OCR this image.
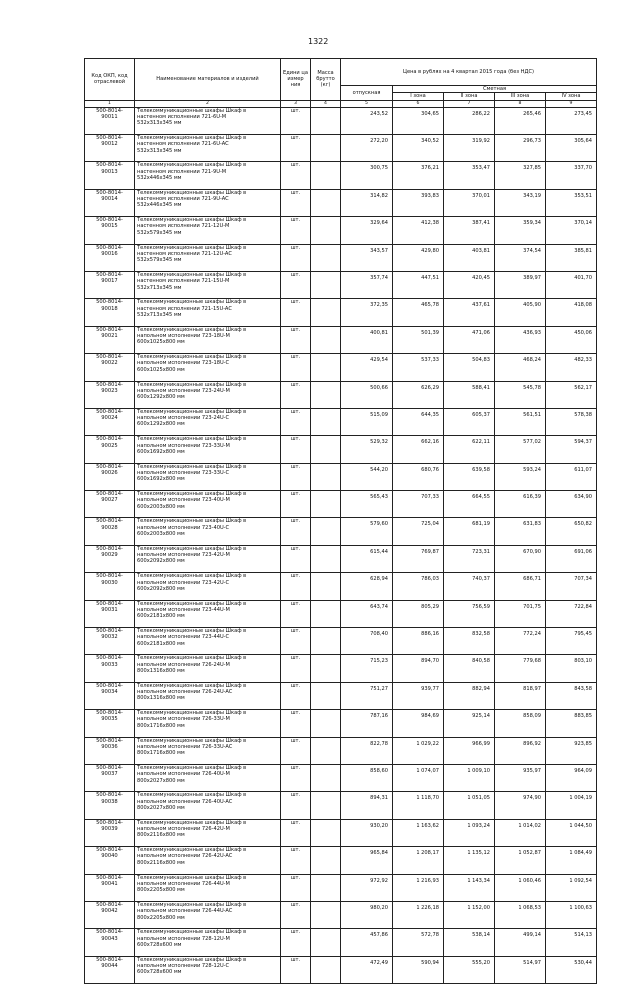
1322
Код ОКП, код отраслевой	Наименование материалов и изделий	Едини ца измер ния	Масса брутто (кг)	Цена в рублях на 4 квартал 2015 года (без НДС)				
				отпускная	Сметная			
					I зона	II зона	III зона	IV зона
1	2	3	4	5	6	7	8	9

500-8014-
90011	Телекоммуникационные шкафы Шкаф в
настенном исполнении 721-6U-M
532х313х345 мм	шт.		243,52	304,65	286,22	265,46	273,45

500-8014-
90012	Телекоммуникационные шкафы Шкаф в
настенном исполнении 721-6U-AC
532х313х345 мм	шт.		272,20	340,52	319,92	296,73	305,64

500-8014-
90013	Телекоммуникационные шкафы Шкаф в
настенном исполнении 721-9U-M
532х446х345 мм	шт.		300,75	376,21	353,47	327,85	337,70

500-8014-
90014	Телекоммуникационные шкафы Шкаф в
настенном исполнении 721-9U-AC
532х446х345 мм	шт.		314,82	393,83	370,01	343,19	353,51

500-8014-
90015	Телекоммуникационные шкафы Шкаф в
настенном исполнении 721-12U-M
532х579х345 мм	шт.		329,64	412,38	387,41	359,34	370,14

500-8014-
90016	Телекоммуникационные шкафы Шкаф в
настенном исполнении 721-12U-AC
532х579х345 мм	шт.		343,57	429,80	403,81	374,54	385,81

500-8014-
90017	Телекоммуникационные шкафы Шкаф в
настенном исполнении 721-15U-M
532х713х345 мм	шт.		357,74	447,51	420,45	389,97	401,70

500-8014-
90018	Телекоммуникационные шкафы Шкаф в
настенном исполнении 721-15U-AC
532х713х345 мм	шт.		372,35	465,78	437,61	405,90	418,08

500-8014-
90021	Телекоммуникационные шкафы Шкаф в
напольном исполнении 723-18U-M
600х1025х800 мм	шт.		400,81	501,39	471,06	436,93	450,06

500-8014-
90022	Телекоммуникационные шкафы Шкаф в
напольном исполнении 723-18U-C
600х1025х800 мм	шт.		429,54	537,33	504,83	468,24	482,33

500-8014-
90023	Телекоммуникационные шкафы Шкаф в
напольном исполнении 723-24U-M
600х1292х800 мм	шт.		500,66	626,29	588,41	545,78	562,17

500-8014-
90024	Телекоммуникационные шкафы Шкаф в
напольном исполнении 723-24U-C
600х1292х800 мм	шт.		515,09	644,35	605,37	561,51	578,38

500-8014-
90025	Телекоммуникационные шкафы Шкаф в
напольном исполнении 723-33U-M
600х1692х800 мм	шт.		529,32	662,16	622,11	577,02	594,37

500-8014-
90026	Телекоммуникационные шкафы Шкаф в
напольном исполнении 723-33U-C
600х1692х800 мм	шт.		544,20	680,76	639,58	593,24	611,07

500-8014-
90027	Телекоммуникационные шкафы Шкаф в
напольном исполнении 723-40U-M
600х2003х800 мм	шт.		565,43	707,33	664,55	616,39	634,90

500-8014-
90028	Телекоммуникационные шкафы Шкаф в
напольном исполнении 723-40U-C
600х2003х800 мм	шт.		579,60	725,04	681,19	631,83	650,82

500-8014-
90029	Телекоммуникационные шкафы Шкаф в
напольном исполнении 723-42U-M
600х2092х800 мм	шт.		615,44	769,87	723,31	670,90	691,06

500-8014-
90030	Телекоммуникационные шкафы Шкаф в
напольном исполнении 723-42U-C
600х2092х800 мм	шт.		628,94	786,03	740,37	686,71	707,34

500-8014-
90031	Телекоммуникационные шкафы Шкаф в
напольном исполнении 723-44U-M
600х2181х800 мм	шт.		643,74	805,29	756,59	701,75	722,84

500-8014-
90032	Телекоммуникационные шкафы Шкаф в
напольном исполнении 723-44U-C
600х2181х800 мм	шт.		708,40	886,16	832,58	772,24	795,45

500-8014-
90033	Телекоммуникационные шкафы Шкаф в
напольном исполнении 726-24U-M
800х1316х800 мм	шт.		715,23	894,70	840,58	779,68	803,10

500-8014-
90034	Телекоммуникационные шкафы Шкаф в
напольном исполнении 726-24U-AC
800х1316х800 мм	шт.		751,27	939,77	882,94	818,97	843,58

500-8014-
90035	Телекоммуникационные шкафы Шкаф в
напольном исполнении 726-33U-M
800х1716х800 мм	шт.		787,16	984,69	925,14	858,09	883,85

500-8014-
90036	Телекоммуникационные шкафы Шкаф в
напольном исполнении 726-33U-AC
800х1716х800 мм	шт.		822,78	1 029,22	966,99	896,92	923,85

500-8014-
90037	Телекоммуникационные шкафы Шкаф в
напольном исполнении 726-40U-M
800х2027х800 мм	шт.		858,60	1 074,07	1 009,10	935,97	964,09

500-8014-
90038	Телекоммуникационные шкафы Шкаф в
напольном исполнении 726-40U-AC
800х2027х800 мм	шт.		894,31	1 118,70	1 051,05	974,90	1 004,19

500-8014-
90039	Телекоммуникационные шкафы Шкаф в
напольном исполнении 726-42U-M
800х2116х800 мм	шт.		930,20	1 163,62	1 093,24	1 014,02	1 044,50

500-8014-
90040	Телекоммуникационные шкафы Шкаф в
напольном исполнении 726-42U-AC
800х2116х800 мм	шт.		965,84	1 208,17	1 135,12	1 052,87	1 084,49

500-8014-
90041	Телекоммуникационные шкафы Шкаф в
напольном исполнении 726-44U-M
800х2205х800 мм	шт.		972,92	1 216,93	1 143,34	1 060,46	1 092,54

500-8014-
90042	Телекоммуникационные шкафы Шкаф в
напольном исполнении 726-44U-AC
800х2205х800 мм	шт.		980,20	1 226,18	1 152,00	1 068,53	1 100,63

500-8014-
90043	Телекоммуникационные шкафы Шкаф в
напольном исполнении 728-12U-M
600х728х600 мм	шт.		457,86	572,78	538,14	499,14	514,13

500-8014-
90044	Телекоммуникационные шкафы Шкаф в
напольном исполнении 728-12U-C
600х728х600 мм	шт.		472,49	590,94	555,20	514,97	530,44
